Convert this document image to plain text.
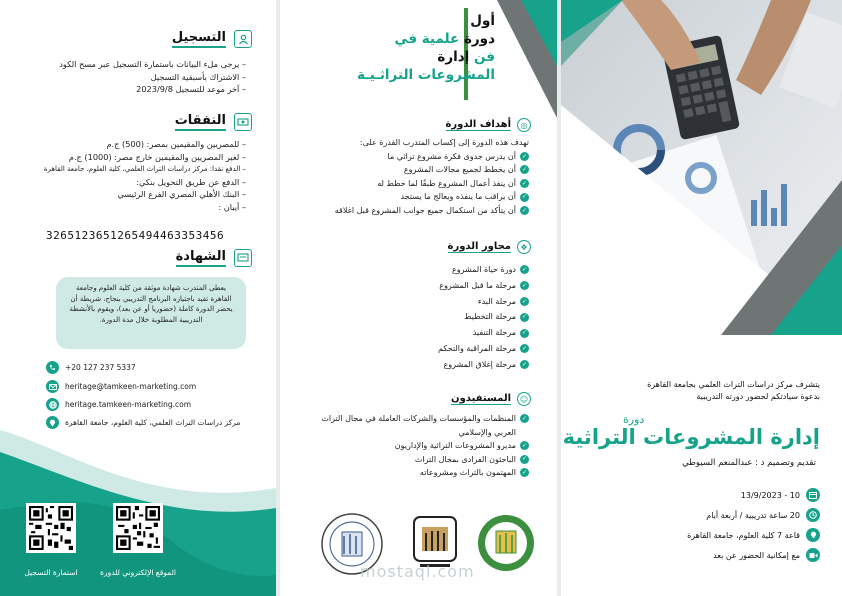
التسجيل
– يرجى ملء البيانات باستمارة التسجيل عبر مسح الكود
– الاشتراك بأسبقية التسجيل
– آخر موعد للتسجيل 2023/9/8
النفقات
– للمصريين والمقيمين بمصر: (500) ج.م
– لغير المصريين والمقيمين خارج مصر: (1000) ج.م
– الدفع نقدا: مركز دراسات التراث العلمي، كلية العلوم، جامعة القاهرة
– الدفع عن طريق التحويل بنكي:
– البنك الأهلي المصري الفرع الرئيسي
– أيبان :
3265123651265494463353456
الشهادة
يعطى المتدرب شهادة موثقة من كلية العلوم وجامعة القاهرة تفيد باجتيازه البرنامج التدريبي بنجاح، شريطة أن يحضر الدورة كاملة (حضوريا أو عن بعد)، ويقوم بالأنشطة التدريبية المطلوبة خلال مدة الدورة.
+20 127 237 5337
heritage@tamkeen-marketing.com
heritage.tamkeen-marketing.com
مركز دراسات التراث العلمي، كلية العلوم، جامعة القاهرة
استمارة التسجيل	الموقع الإلكتروني للدورة
أول
دورة علمية في
فن إدارة
المشروعات التراثـيـة
◎
أهداف الدورة
تهدف هذه الدورة إلى إكساب المتدرب القدرة على:
✓
أن يدرس جدوى فكرة مشروع تراثي ما
✓
أن يخطط لجميع مجالات المشروع
✓
أن ينفذ أعمال المشروع طبقًا لما خطط له
✓
أن يراقب ما ينفذه ويعالج ما يستجد
✓
أن يتأكد من استكمال جميع جوانب المشروع قبل اغلاقه
❖
محاور الدورة
✓
دورة حياة المشروع
✓
مرحلة ما قبل المشروع
✓
مرحلة البدء
✓
مرحلة التخطيط
✓
مرحلة التنفيذ
✓
مرحلة المراقبة والتحكم
✓
مرحلة إغلاق المشروع
☺
المستفيدون
✓
المنظمات والمؤسسات والشركات العاملة في مجال التراث العربي والإسلامي
✓
مديرو المشروعات التراثية والإداريون
✓
الباحثون الفرادى بمجال التراث
✓
المهتمون بالتراث ومشروعاته
يتشرف مركز دراسات التراث العلمي بجامعة القاهرة
بدعوة سيادتكم لحضور دورته التدريبية
دورة
إدارة المشروعات التراثية
تقديم وتصميم د : عبدالمنعم السيوطي
10 - 13/9/2023
20 ساعة تدريبية / أربعة أيام
قاعة 7 كلية العلوم، جامعة القاهرة
مع إمكانية الحضور عن بعد
mostaql.com
